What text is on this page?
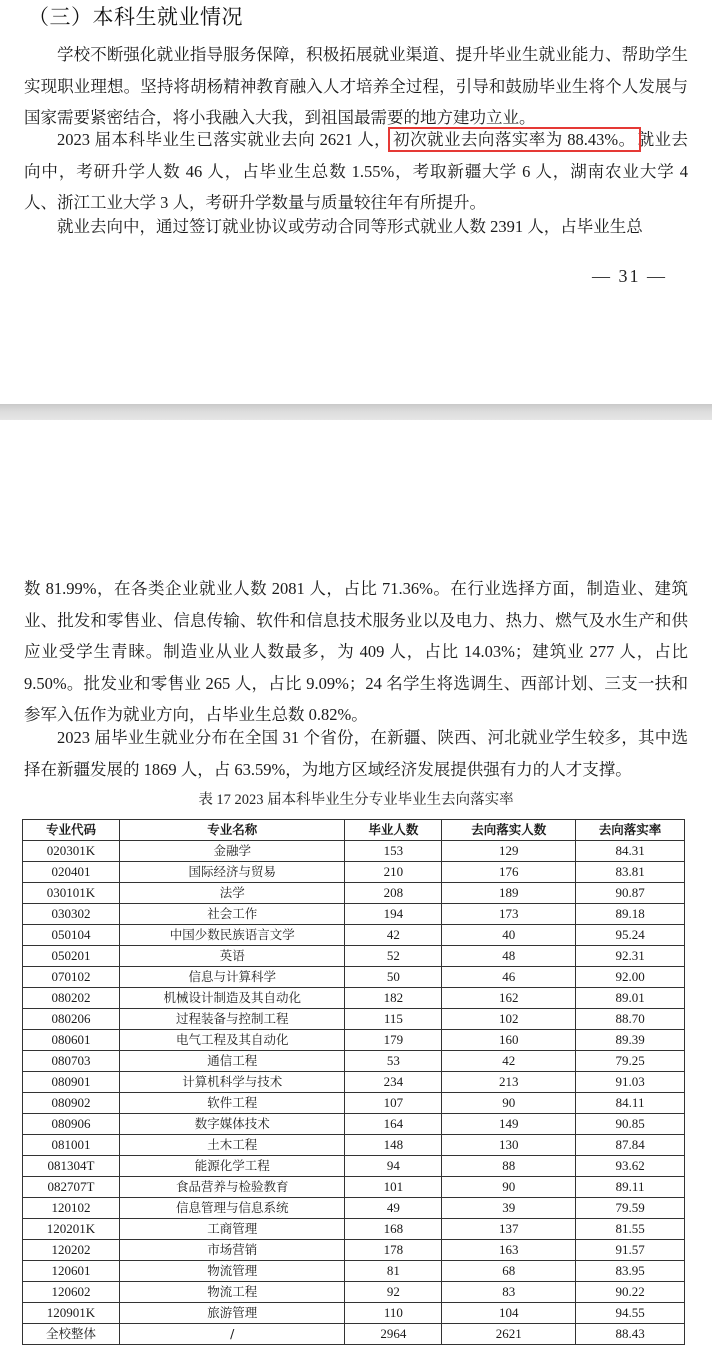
（三）本科生就业情况
学校不断强化就业指导服务保障，积极拓展就业渠道、提升毕业生就业能力、帮助学生实现职业理想。坚持将胡杨精神教育融入人才培养全过程，引导和鼓励毕业生将个人发展与国家需要紧密结合，将小我融入大我，到祖国最需要的地方建功立业。
2023 届本科毕业生已落实就业去向 2621 人， 初次就业去向落实率为 88.43%。 就业去向中，考研升学人数 46 人，占毕业生总数 1.55%，考取新疆大学 6 人，湖南农业大学 4 人、浙江工业大学 3 人，考研升学数量与质量较往年有所提升。
就业去向中，通过签订就业协议或劳动合同等形式就业人数 2391 人，占毕业生总
— 31 —
数 81.99%，在各类企业就业人数 2081 人，占比 71.36%。在行业选择方面，制造业、建筑业、批发和零售业、信息传输、软件和信息技术服务业以及电力、热力、燃气及水生产和供应业受学生青睐。制造业从业人数最多，为 409 人，占比 14.03%；建筑业 277 人，占比 9.50%。批发业和零售业 265 人，占比 9.09%；24 名学生将选调生、西部计划、三支一扶和参军入伍作为就业方向，占毕业生总数 0.82%。
2023 届毕业生就业分布在全国 31 个省份，在新疆、陕西、河北就业学生较多，其中选择在新疆发展的 1869 人，占 63.59%，为地方区域经济发展提供强有力的人才支撑。
表 17 2023 届本科毕业生分专业毕业生去向落实率
专业代码	专业名称	毕业人数	去向落实人数	去向落实率
020301K	金融学	153	129	84.31
020401	国际经济与贸易	210	176	83.81
030101K	法学	208	189	90.87
030302	社会工作	194	173	89.18
050104	中国少数民族语言文学	42	40	95.24
050201	英语	52	48	92.31
070102	信息与计算科学	50	46	92.00
080202	机械设计制造及其自动化	182	162	89.01
080206	过程装备与控制工程	115	102	88.70
080601	电气工程及其自动化	179	160	89.39
080703	通信工程	53	42	79.25
080901	计算机科学与技术	234	213	91.03
080902	软件工程	107	90	84.11
080906	数字媒体技术	164	149	90.85
081001	土木工程	148	130	87.84
081304T	能源化学工程	94	88	93.62
082707T	食品营养与检验教育	101	90	89.11
120102	信息管理与信息系统	49	39	79.59
120201K	工商管理	168	137	81.55
120202	市场营销	178	163	91.57
120601	物流管理	81	68	83.95
120602	物流工程	92	83	90.22
120901K	旅游管理	110	104	94.55
全校整体	/	2964	2621	88.43
